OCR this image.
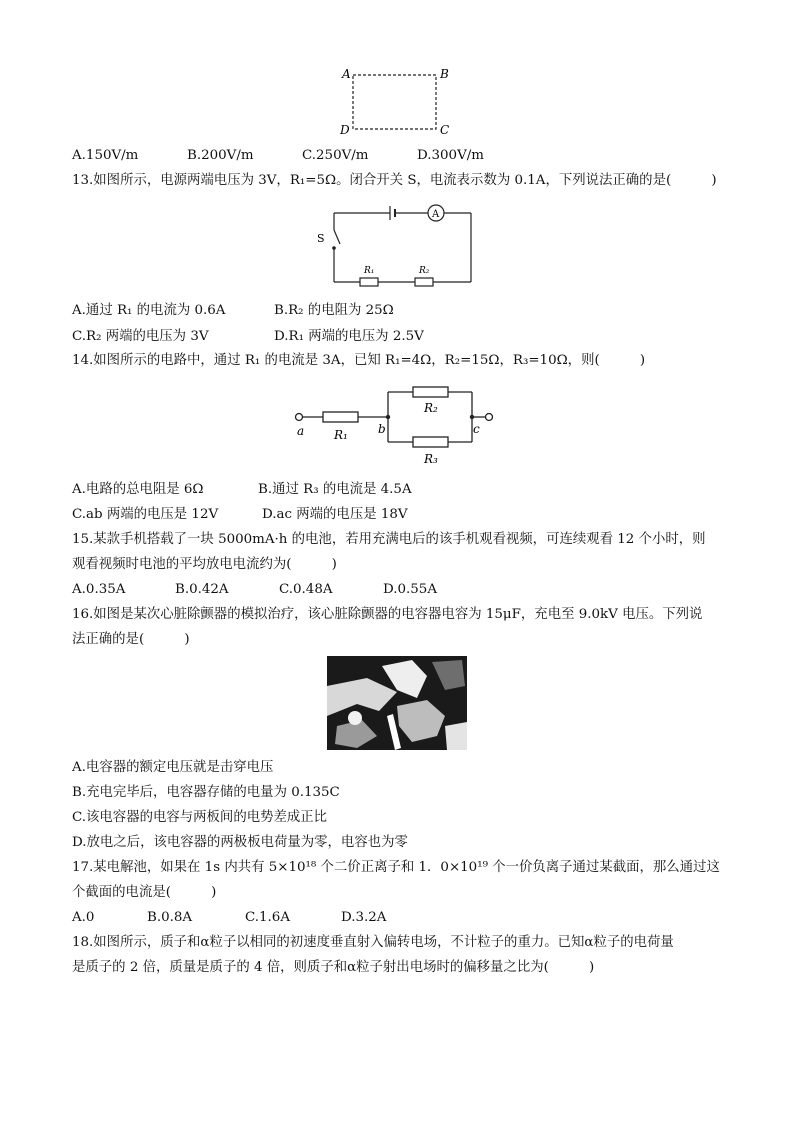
A	B
C
D
A.150V/m	B.200V/m	C.250V/m	D.300V/m
13.如图所示，电源两端电压为 3V，R₁=5Ω。闭合开关 S，电流表示数为 0.1A，下列说法正确的是(　　　)
A
S
R₁	R₂
A.通过 R₁ 的电流为 0.6A	B.R₂ 的电阻为 25Ω
C.R₂ 两端的电压为 3V	D.R₁ 两端的电压为 2.5V
14.如图所示的电路中，通过 R₁ 的电流是 3A，已知 R₁=4Ω，R₂=15Ω，R₃=10Ω，则(　　　)
a	b	c
R₁
R₂
R₃
A.电路的总电阻是 6Ω	B.通过 R₃ 的电流是 4.5A
C.ab 两端的电压是 12V	D.ac 两端的电压是 18V
15.某款手机搭载了一块 5000mA·h 的电池，若用充满电后的该手机观看视频，可连续观看 12 个小时，则
观看视频时电池的平均放电电流约为(　　　)
A.0.35A	B.0.42A	C.0.48A	D.0.55A
16.如图是某次心脏除颤器的模拟治疗，该心脏除颤器的电容器电容为 15μF，充电至 9.0kV 电压。下列说
法正确的是(　　　)
A.电容器的额定电压就是击穿电压
B.充电完毕后，电容器存储的电量为 0.135C
C.该电容器的电容与两板间的电势差成正比
D.放电之后，该电容器的两极板电荷量为零，电容也为零
17.某电解池，如果在 1s 内共有 5×10¹⁸ 个二价正离子和 1．0×10¹⁹ 个一价负离子通过某截面，那么通过这
个截面的电流是(　　　)
A.0	B.0.8A	C.1.6A	D.3.2A
18.如图所示，质子和α粒子以相同的初速度垂直射入偏转电场，不计粒子的重力。已知α粒子的电荷量
是质子的 2 倍，质量是质子的 4 倍，则质子和α粒子射出电场时的偏移量之比为(　　　)
